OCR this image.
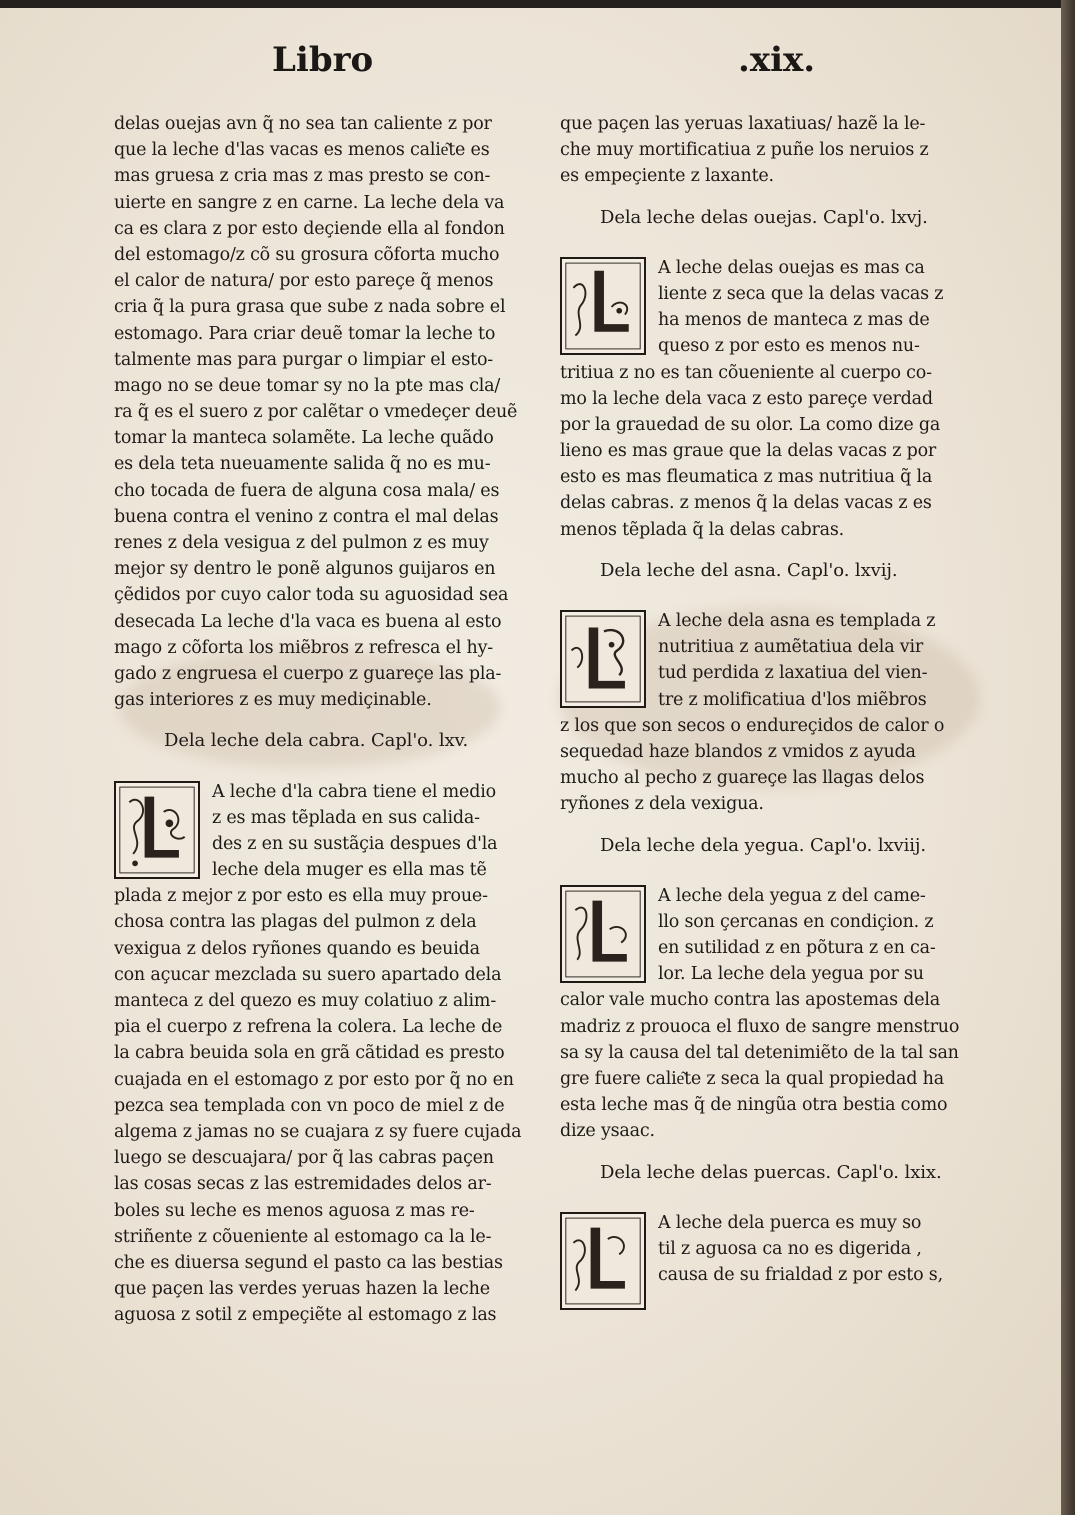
Libro	.xix.
delas ouejas avn q̃ no sea tan caliente z por
que la leche d'las vacas es menos calie͂te es
mas gruesa z cria mas z mas presto se con-
uierte en sangre z en carne. La leche dela va
ca es clara z por esto deçiende ella al fondon
del estomago/z cõ su grosura cõforta mucho
el calor de natura/ por esto pareçe q̃ menos
cria q̃ la pura grasa que sube z nada sobre el
estomago. Para criar deuẽ tomar la leche to
talmente mas para purgar o limpiar el esto-
mago no se deue tomar sy no la pte mas cla/
ra q̃ es el suero z por calẽtar o vmedeçer deuẽ
tomar la manteca solamẽte. La leche quãdo
es dela teta nueuamente salida q̃ no es mu-
cho tocada de fuera de alguna cosa mala/ es
buena contra el venino z contra el mal delas
renes z dela vesigua z del pulmon z es muy
mejor sy dentro le ponẽ algunos guijaros en
çẽdidos por cuyo calor toda su aguosidad sea
desecada La leche d'la vaca es buena al esto
mago z cõforta los miẽbros z refresca el hy-
gado z engruesa el cuerpo z guareçe las pla-
gas interiores z es muy mediçinable.
Dela leche dela cabra. Capl'o. lxv.
A leche d'la cabra tiene el medio
z es mas tẽplada en sus calida-
des z en su sustãçia despues d'la
leche dela muger es ella mas tẽ
plada z mejor z por esto es ella muy proue-
chosa contra las plagas del pulmon z dela
vexigua z delos ryñones quando es beuida
con açucar mezclada su suero apartado dela
manteca z del quezo es muy colatiuo z alim-
pia el cuerpo z refrena la colera. La leche de
la cabra beuida sola en grã cãtidad es presto
cuajada en el estomago z por esto por q̃ no en
pezca sea templada con vn poco de miel z de
algema z jamas no se cuajara z sy fuere cujada
luego se descuajara/ por q̃ las cabras paçen
las cosas secas z las estremidades delos ar-
boles su leche es menos aguosa z mas re-
striñente z cõueniente al estomago ca la le-
che es diuersa segund el pasto ca las bestias
que paçen las verdes yeruas hazen la leche
aguosa z sotil z empeçiẽte al estomago z las
que paçen las yeruas laxatiuas/ hazẽ la le-
che muy mortificatiua z puñe los neruios z
es empeçiente z laxante.
Dela leche delas ouejas. Capl'o. lxvj.
A leche delas ouejas es mas ca
liente z seca que la delas vacas z
ha menos de manteca z mas de
queso z por esto es menos nu-
tritiua z no es tan cõueniente al cuerpo co-
mo la leche dela vaca z esto pareçe verdad
por la grauedad de su olor. La como dize ga
lieno es mas graue que la delas vacas z por
esto es mas fleumatica z mas nutritiua q̃ la
delas cabras. z menos q̃ la delas vacas z es
menos tẽplada q̃ la delas cabras.
Dela leche del asna. Capl'o. lxvij.
A leche dela asna es templada z
nutritiua z aumẽtatiua dela vir
tud perdida z laxatiua del vien-
tre z molificatiua d'los miẽbros
z los que son secos o endureçidos de calor o
sequedad haze blandos z vmidos z ayuda
mucho al pecho z guareçe las llagas delos
ryñones z dela vexigua.
Dela leche dela yegua. Capl'o. lxviij.
A leche dela yegua z del came-
llo son çercanas en condiçion. z
en sutilidad z en põtura z en ca-
lor. La leche dela yegua por su
calor vale mucho contra las apostemas dela
madriz z prouoca el fluxo de sangre menstruo
sa sy la causa del tal detenimiẽto de la tal san
gre fuere calie͂te z seca la qual propiedad ha
esta leche mas q̃ de ningũa otra bestia como
dize ysaac.
Dela leche delas puercas. Capl'o. lxix.
A leche dela puerca es muy so
til z aguosa ca no es digerida ,
causa de su frialdad z por esto s,
